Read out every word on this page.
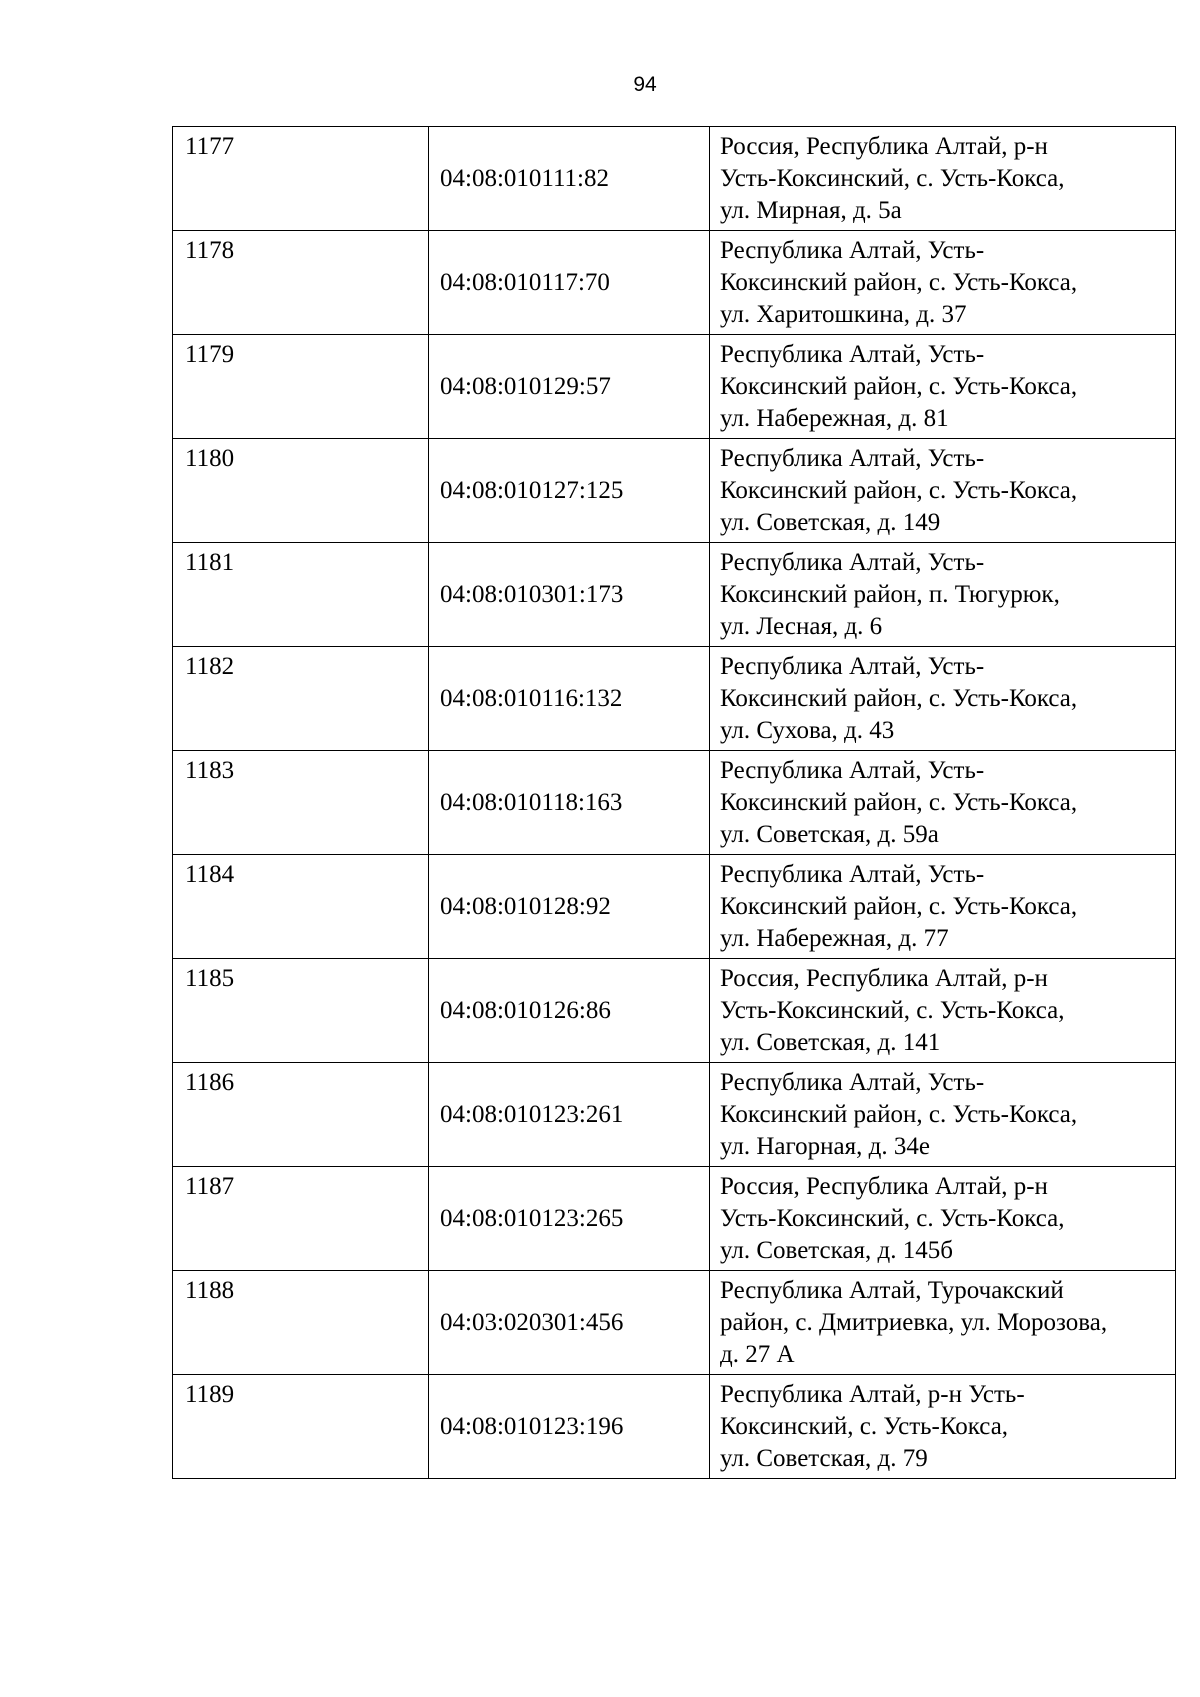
94
1177	04:08:010111:82	Россия, Республика Алтай, р-н
Усть-Коксинский, с. Усть-Кокса,
ул. Мирная, д. 5а

1178	04:08:010117:70	Республика Алтай, Усть-
Коксинский район, с. Усть-Кокса,
ул. Харитошкина, д. 37

1179	04:08:010129:57	Республика Алтай, Усть-
Коксинский район, с. Усть-Кокса,
ул. Набережная, д. 81

1180	04:08:010127:125	Республика Алтай, Усть-
Коксинский район, с. Усть-Кокса,
ул. Советская, д. 149

1181	04:08:010301:173	Республика Алтай, Усть-
Коксинский район, п. Тюгурюк,
ул. Лесная, д. 6

1182	04:08:010116:132	Республика Алтай, Усть-
Коксинский район, с. Усть-Кокса,
ул. Сухова, д. 43

1183	04:08:010118:163	Республика Алтай, Усть-
Коксинский район, с. Усть-Кокса,
ул. Советская, д. 59а

1184	04:08:010128:92	Республика Алтай, Усть-
Коксинский район, с. Усть-Кокса,
ул. Набережная, д. 77

1185	04:08:010126:86	Россия, Республика Алтай, р-н
Усть-Коксинский, с. Усть-Кокса,
ул. Советская, д. 141

1186	04:08:010123:261	Республика Алтай, Усть-
Коксинский район, с. Усть-Кокса,
ул. Нагорная, д. 34е

1187	04:08:010123:265	Россия, Республика Алтай, р-н
Усть-Коксинский, с. Усть-Кокса,
ул. Советская, д. 145б

1188	04:03:020301:456	Республика Алтай, Турочакский
район, с. Дмитриевка, ул. Морозова,
д. 27 А

1189	04:08:010123:196	Республика Алтай, р-н Усть-
Коксинский, с. Усть-Кокса,
ул. Советская, д. 79
